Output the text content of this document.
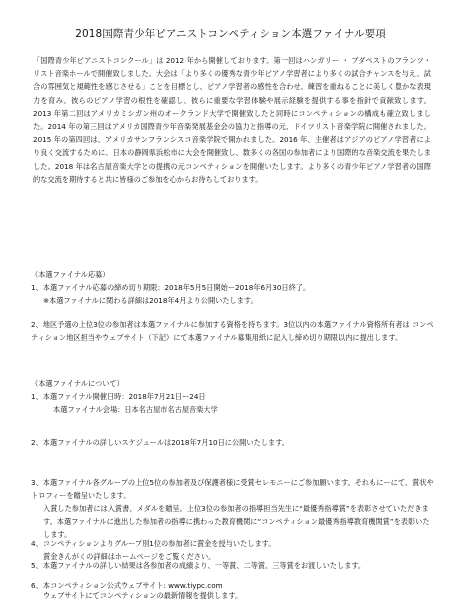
2018国際青少年ピアニストコンペティション本選ファイナル要項
「国際青少年ピアニストコンクール」は 2012 年から開催しております。第一回はハンガリー ・ ブダペストのフランツ・リスト音楽ホールで開催致しました。大会は「より多くの優秀な青少年ピアノ学習者により多くの試合チャンスを与え、試合の雰囲気と規範性を感じさせる」ことを目標とし、ピアノ学習者の感性を合わせ、練習を重ねることに美しく豊かな表現力を育み、彼らのピアノ学習の根性を確認し、彼らに重要な学習体験や展示経験を提供する事を指針で貢献致します。2013 年第二回はアメリカミシガン州のオークランド大学で開催致したと同時にコンペティションの構成も確立致しました。2014 年の第三回はアメリカ国際青少年音楽発展基金会の協力と指導の元、ドイツリスト音楽学院に開催されました。2015 年の第四回は、アメリカサンフランシスコ音楽学院で開かれました。2016 年、主催者はアジアのピアノ学習者により良く交流するために、日本の静岡県浜松市に大会を開催致し、数多くの各国の参加者により国際的な音楽交流を果たしました。2018 年は名古屋音楽大学との提携の元コンペティションを開催いたします。より多くの青少年ピアノ学習者の国際的な交流を期待すると共に皆様のご参加を心からお待ちしております。
（本選ファイナル応募）
1、本選ファイナル応募の締め切り期限：2018年5月5日開始ー2018年6月30日終了。
※本選ファイナルに関わる詳細は2018年4月より公開いたします。
2、地区予選の上位3位の参加者は本選ファイナルに参加する資格を持ちます。3位以内の本選ファイナル資格所有者は コンペティション地区担当やウェブサイト（下記）にて本選ファイナル募集用紙に記入し締め切り期限以内に提出します。
（本選ファイナルについて）
1、本選ファイナル開催日時：2018年7月21日ー24日
本選ファイナル会場：日本名古屋市名古屋音楽大学
2、本選ファイナルの詳しいスケジュールは2018年7月10日に公開いたします。
3、本選ファイナル各グループの上位5位の参加者及び保護者様に受賞セレモニーにご参加願います。それもにーにて、賞状やトロフィーを贈呈いたします。
入賞した参加者には入賞書、メダルを贈呈。上位3位の参加者の指導担当先生に“最優秀指導賞”を表彰させていただきます。本選ファイナルに進出した参加者の指導に携わった教育機関に“コンペティション最優秀指導教育機関賞”を表彰いたします。
4、コンペティションよりグループ別1位の参加者に賞金を授与いたします。
賞金きんがくの詳細はホームページをご覧ください。
5、本選ファイナルの詳しい結果は各参加者の成績より、一等賞、二等賞、三等賞をお渡しいたします。
6、本コンペティション公式ウェブサイト: www.tiypc.com
ウェブサイトにてコンペティションの最新情報を提供します。
